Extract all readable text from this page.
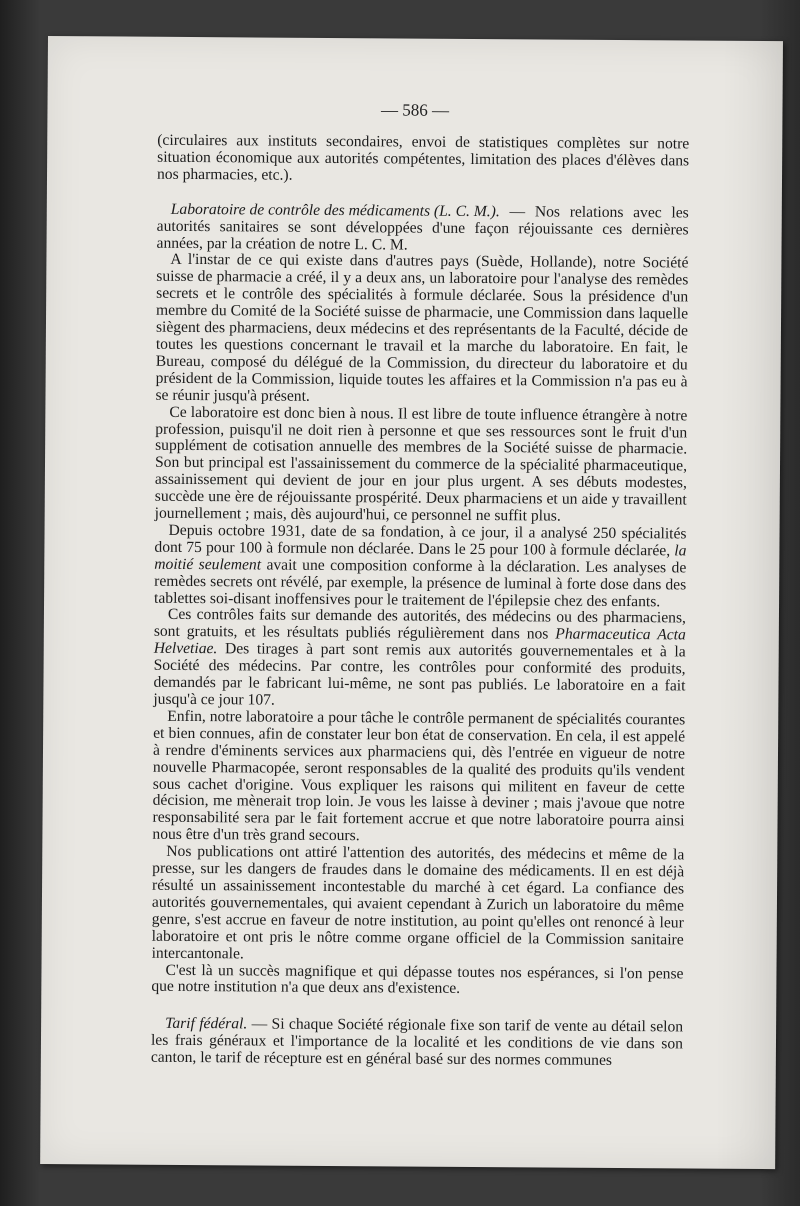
— 586 —

(circulaires aux instituts secondaires, envoi de statistiques complètes sur notre situation économique aux autorités compétentes, limitation des places d'élèves dans nos pharmacies, etc.).

Laboratoire de contrôle des médicaments (L. C. M.). — Nos relations avec les autorités sanitaires se sont développées d'une façon réjouissante ces dernières années, par la création de notre L. C. M.

A l'instar de ce qui existe dans d'autres pays (Suède, Hollande), notre Société suisse de pharmacie a créé, il y a deux ans, un laboratoire pour l'analyse des remèdes secrets et le contrôle des spécialités à formule déclarée. Sous la présidence d'un membre du Comité de la Société suisse de pharmacie, une Commission dans laquelle siègent des pharmaciens, deux médecins et des représentants de la Faculté, décide de toutes les questions concernant le travail et la marche du laboratoire. En fait, le Bureau, composé du délégué de la Commission, du directeur du laboratoire et du président de la Commission, liquide toutes les affaires et la Commission n'a pas eu à se réunir jusqu'à présent.

Ce laboratoire est donc bien à nous. Il est libre de toute influence étrangère à notre profession, puisqu'il ne doit rien à personne et que ses ressources sont le fruit d'un supplément de cotisation annuelle des membres de la Société suisse de pharmacie. Son but principal est l'assainissement du commerce de la spécialité pharmaceutique, assainissement qui devient de jour en jour plus urgent. A ses débuts modestes, succède une ère de réjouissante prospérité. Deux pharmaciens et un aide y travaillent journellement ; mais, dès aujourd'hui, ce personnel ne suffit plus.

Depuis octobre 1931, date de sa fondation, à ce jour, il a analysé 250 spécialités dont 75 pour 100 à formule non déclarée. Dans le 25 pour 100 à formule déclarée, la moitié seulement avait une composition conforme à la déclaration. Les analyses de remèdes secrets ont révélé, par exemple, la présence de luminal à forte dose dans des tablettes soi-disant inoffensives pour le traitement de l'épilepsie chez des enfants.

Ces contrôles faits sur demande des autorités, des médecins ou des pharmaciens, sont gratuits, et les résultats publiés régulièrement dans nos Pharmaceutica Acta Helvetiae. Des tirages à part sont remis aux autorités gouvernementales et à la Société des médecins. Par contre, les contrôles pour conformité des produits, demandés par le fabricant lui-même, ne sont pas publiés. Le laboratoire en a fait jusqu'à ce jour 107.

Enfin, notre laboratoire a pour tâche le contrôle permanent de spécialités courantes et bien connues, afin de constater leur bon état de conservation. En cela, il est appelé à rendre d'éminents services aux pharmaciens qui, dès l'entrée en vigueur de notre nouvelle Pharmacopée, seront responsables de la qualité des produits qu'ils vendent sous cachet d'origine. Vous expliquer les raisons qui militent en faveur de cette décision, me mènerait trop loin. Je vous les laisse à deviner ; mais j'avoue que notre responsabilité sera par le fait fortement accrue et que notre laboratoire pourra ainsi nous être d'un très grand secours.

Nos publications ont attiré l'attention des autorités, des médecins et même de la presse, sur les dangers de fraudes dans le domaine des médicaments. Il en est déjà résulté un assainissement incontestable du marché à cet égard. La confiance des autorités gouvernementales, qui avaient cependant à Zurich un laboratoire du même genre, s'est accrue en faveur de notre institution, au point qu'elles ont renoncé à leur laboratoire et ont pris le nôtre comme organe officiel de la Commission sanitaire intercantonale.

C'est là un succès magnifique et qui dépasse toutes nos espérances, si l'on pense que notre institution n'a que deux ans d'existence.

Tarif fédéral. — Si chaque Société régionale fixe son tarif de vente au détail selon les frais généraux et l'importance de la localité et les conditions de vie dans son canton, le tarif de récepture est en général basé sur des normes communes
